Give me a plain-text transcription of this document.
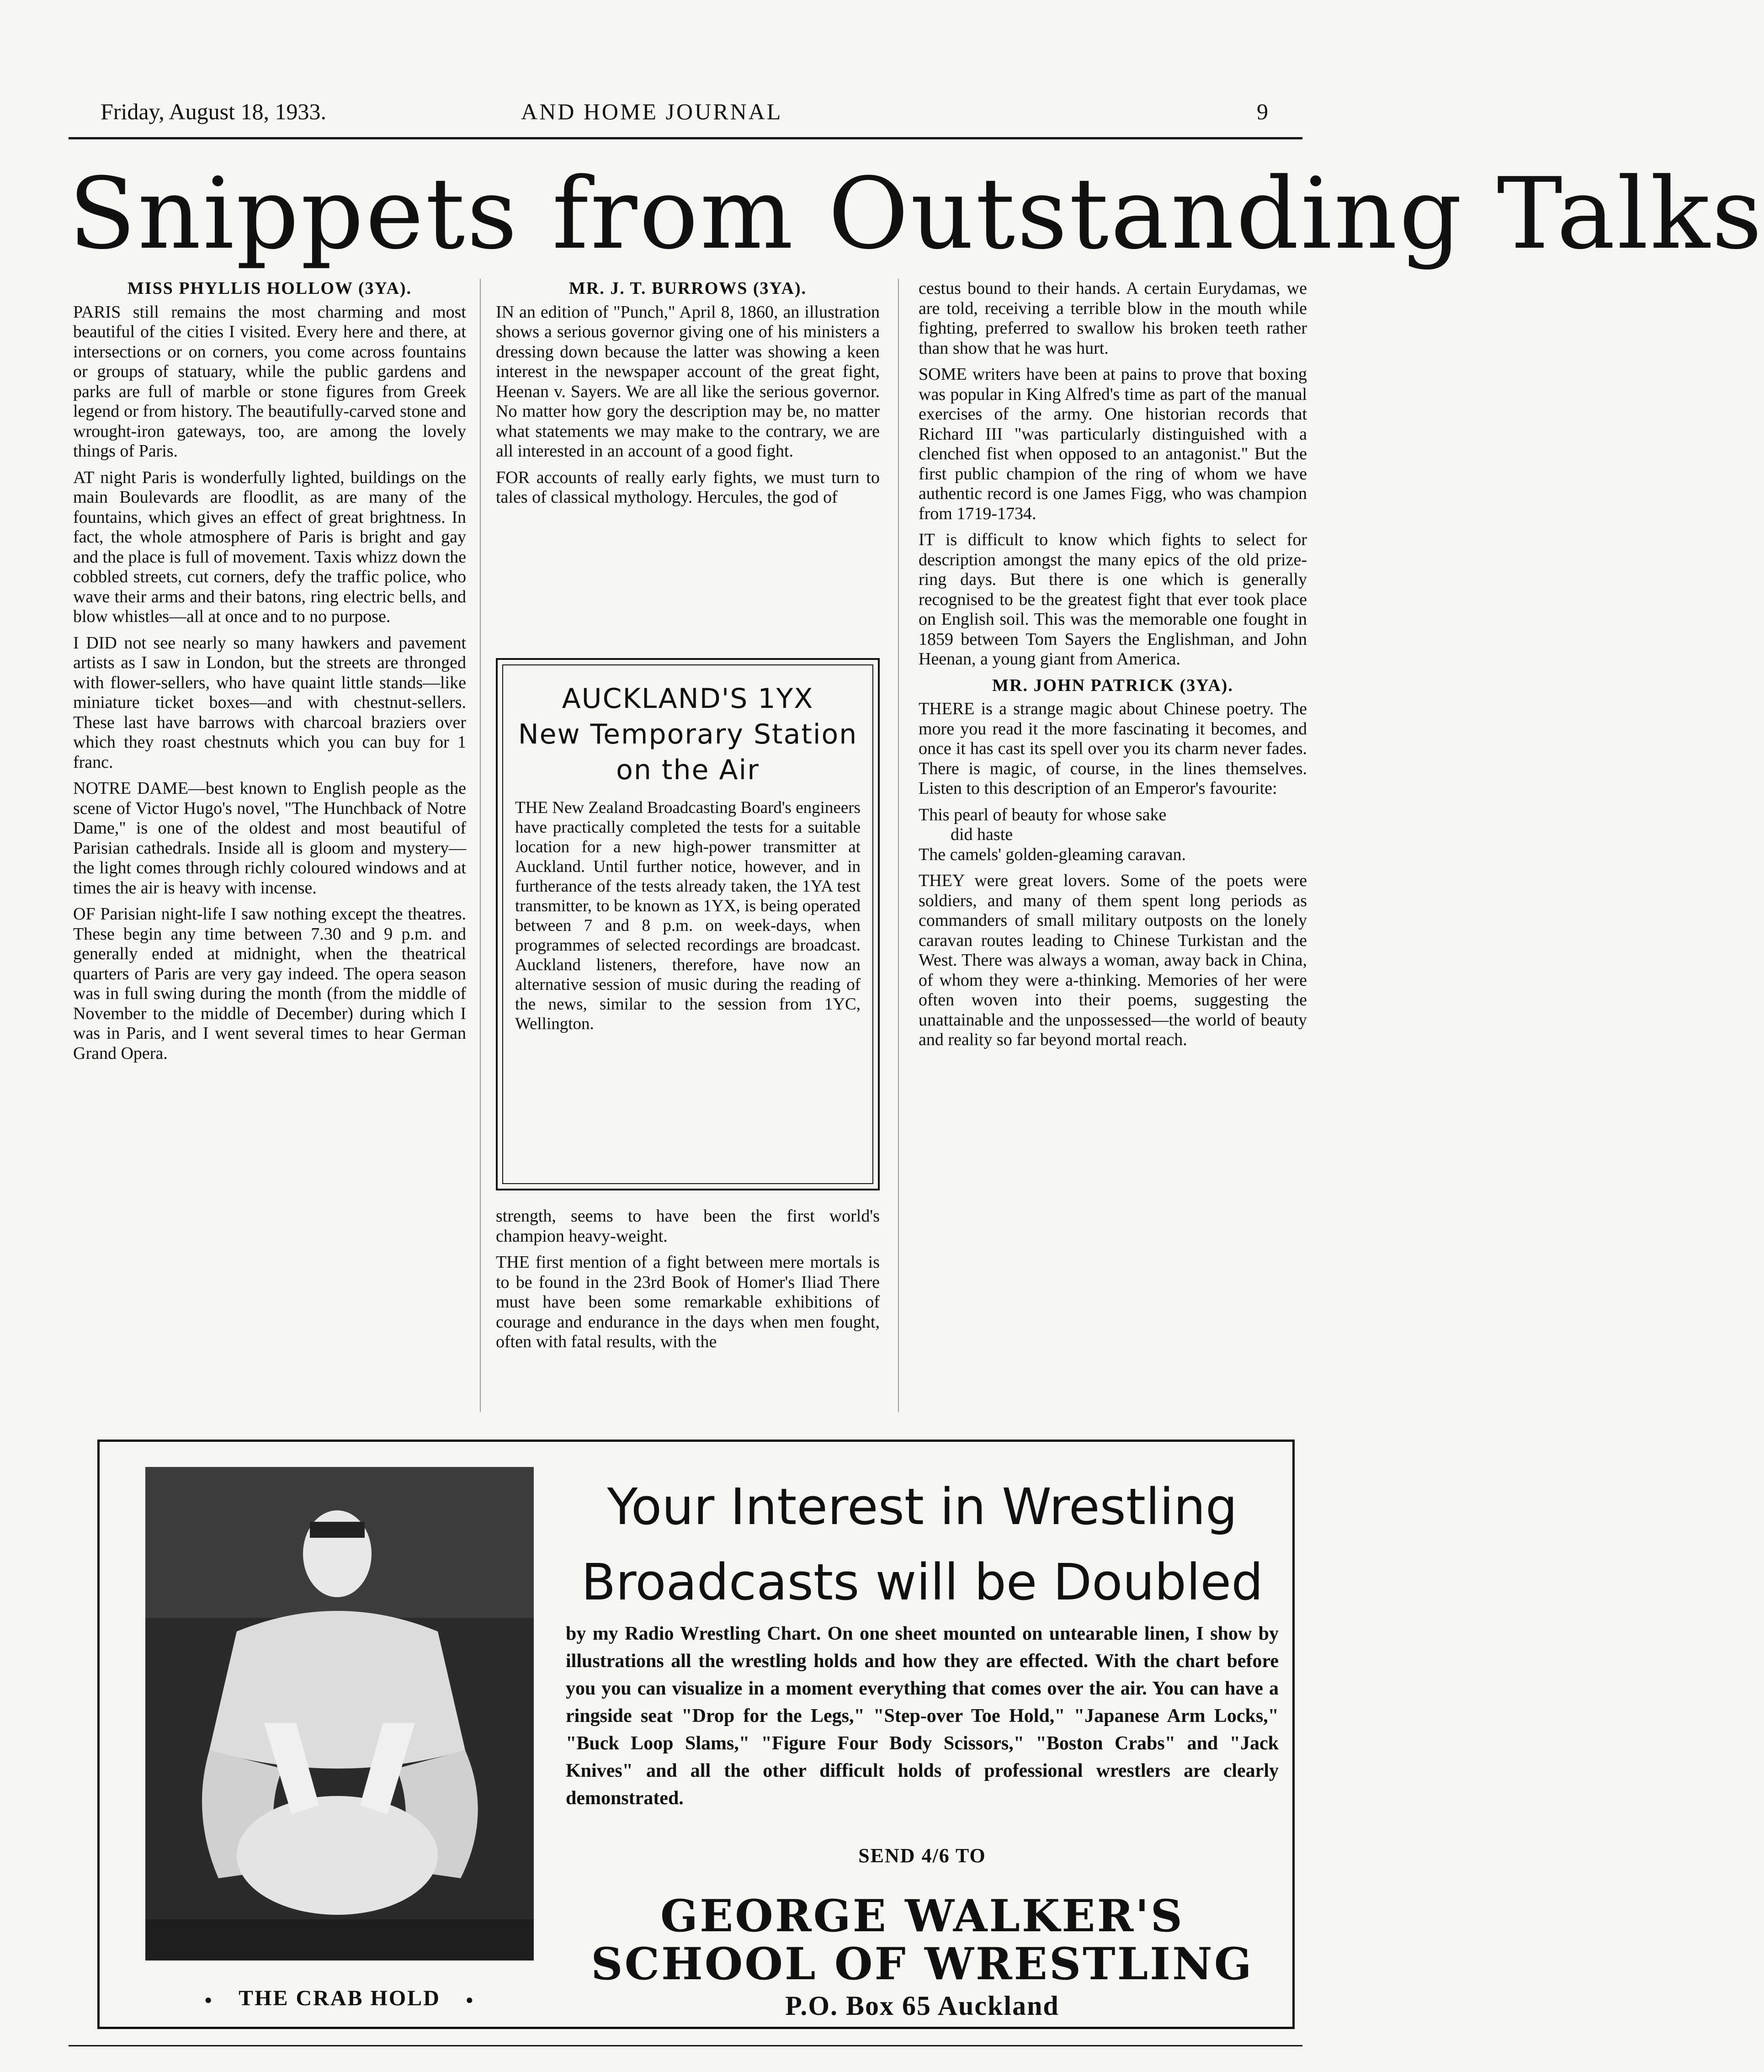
Friday, August 18, 1933.	AND HOME JOURNAL	9
Snippets from Outstanding Talks
MISS PHYLLIS HOLLOW (3YA).

PARIS still remains the most charming and most beautiful of the cities I visited. Every here and there, at intersections or on corners, you come across fountains or groups of statuary, while the public gardens and parks are full of marble or stone figures from Greek legend or from history. The beautifully-carved stone and wrought-iron gateways, too, are among the lovely things of Paris.

AT night Paris is wonderfully lighted, buildings on the main Boulevards are floodlit, as are many of the fountains, which gives an effect of great brightness. In fact, the whole atmosphere of Paris is bright and gay and the place is full of movement. Taxis whizz down the cobbled streets, cut corners, defy the traffic police, who wave their arms and their batons, ring electric bells, and blow whistles—all at once and to no purpose.

I DID not see nearly so many hawkers and pavement artists as I saw in London, but the streets are thronged with flower-sellers, who have quaint little stands—like miniature ticket boxes—and with chestnut-sellers. These last have barrows with charcoal braziers over which they roast chestnuts which you can buy for 1 franc.

NOTRE DAME—best known to English people as the scene of Victor Hugo's novel, "The Hunchback of Notre Dame," is one of the oldest and most beautiful of Parisian cathedrals. Inside all is gloom and mystery—the light comes through richly coloured windows and at times the air is heavy with incense.

OF Parisian night-life I saw nothing except the theatres. These begin any time between 7.30 and 9 p.m. and generally ended at midnight, when the theatrical quarters of Paris are very gay indeed. The opera season was in full swing during the month (from the middle of November to the middle of December) during which I was in Paris, and I went several times to hear German Grand Opera.

MR. J. T. BURROWS (3YA).

IN an edition of "Punch," April 8, 1860, an illustration shows a serious governor giving one of his ministers a dressing down because the latter was showing a keen interest in the newspaper account of the great fight, Heenan v. Sayers. We are all like the serious governor. No matter how gory the description may be, no matter what statements we may make to the contrary, we are all interested in an account of a good fight.

FOR accounts of really early fights, we must turn to tales of classical mythology. Hercules, the god of

AUCKLAND'S 1YX
New Temporary Station
on the Air
THE New Zealand Broadcasting Board's engineers have practically completed the tests for a suitable location for a new high-power transmitter at Auckland. Until further notice, however, and in furtherance of the tests already taken, the 1YA test transmitter, to be known as 1YX, is being operated between 7 and 8 p.m. on week-days, when programmes of selected recordings are broadcast. Auckland listeners, therefore, have now an alternative session of music during the reading of the news, similar to the session from 1YC, Wellington.

strength, seems to have been the first world's champion heavy-weight.

THE first mention of a fight between mere mortals is to be found in the 23rd Book of Homer's Iliad There must have been some remarkable exhibitions of courage and endurance in the days when men fought, often with fatal results, with the

cestus bound to their hands. A certain Eurydamas, we are told, receiving a terrible blow in the mouth while fighting, preferred to swallow his broken teeth rather than show that he was hurt.

SOME writers have been at pains to prove that boxing was popular in King Alfred's time as part of the manual exercises of the army. One historian records that Richard III "was particularly distinguished with a clenched fist when opposed to an antagonist." But the first public champion of the ring of whom we have authentic record is one James Figg, who was champion from 1719-1734.

IT is difficult to know which fights to select for description amongst the many epics of the old prize-ring days. But there is one which is generally recognised to be the greatest fight that ever took place on English soil. This was the memorable one fought in 1859 between Tom Sayers the Englishman, and John Heenan, a young giant from America.

MR. JOHN PATRICK (3YA).

THERE is a strange magic about Chinese poetry. The more you read it the more fascinating it becomes, and once it has cast its spell over you its charm never fades. There is magic, of course, in the lines themselves. Listen to this description of an Emperor's favourite:

This pearl of beauty for whose sake
did haste
The camels' golden-gleaming caravan.

THEY were great lovers. Some of the poets were soldiers, and many of them spent long periods as commanders of small military outposts on the lonely caravan routes leading to Chinese Turkistan and the West. There was always a woman, away back in China, of whom they were a-thinking. Memories of her were often woven into their poems, suggesting the unattainable and the unpossessed—the world of beauty and reality so far beyond mortal reach.

● THE CRAB HOLD ●
Your Interest in Wrestling
Broadcasts will be Doubled
by my Radio Wrestling Chart. On one sheet mounted on untearable linen, I show by illustrations all the wrestling holds and how they are effected. With the chart before you you can visualize in a moment everything that comes over the air. You can have a ringside seat "Drop for the Legs," "Step-over Toe Hold," "Japanese Arm Locks," "Buck Loop Slams," "Figure Four Body Scissors," "Boston Crabs" and "Jack Knives" and all the other difficult holds of professional wrestlers are clearly demonstrated.
SEND 4/6 TO
GEORGE WALKER'S
SCHOOL OF WRESTLING
P.O. Box 65 Auckland
